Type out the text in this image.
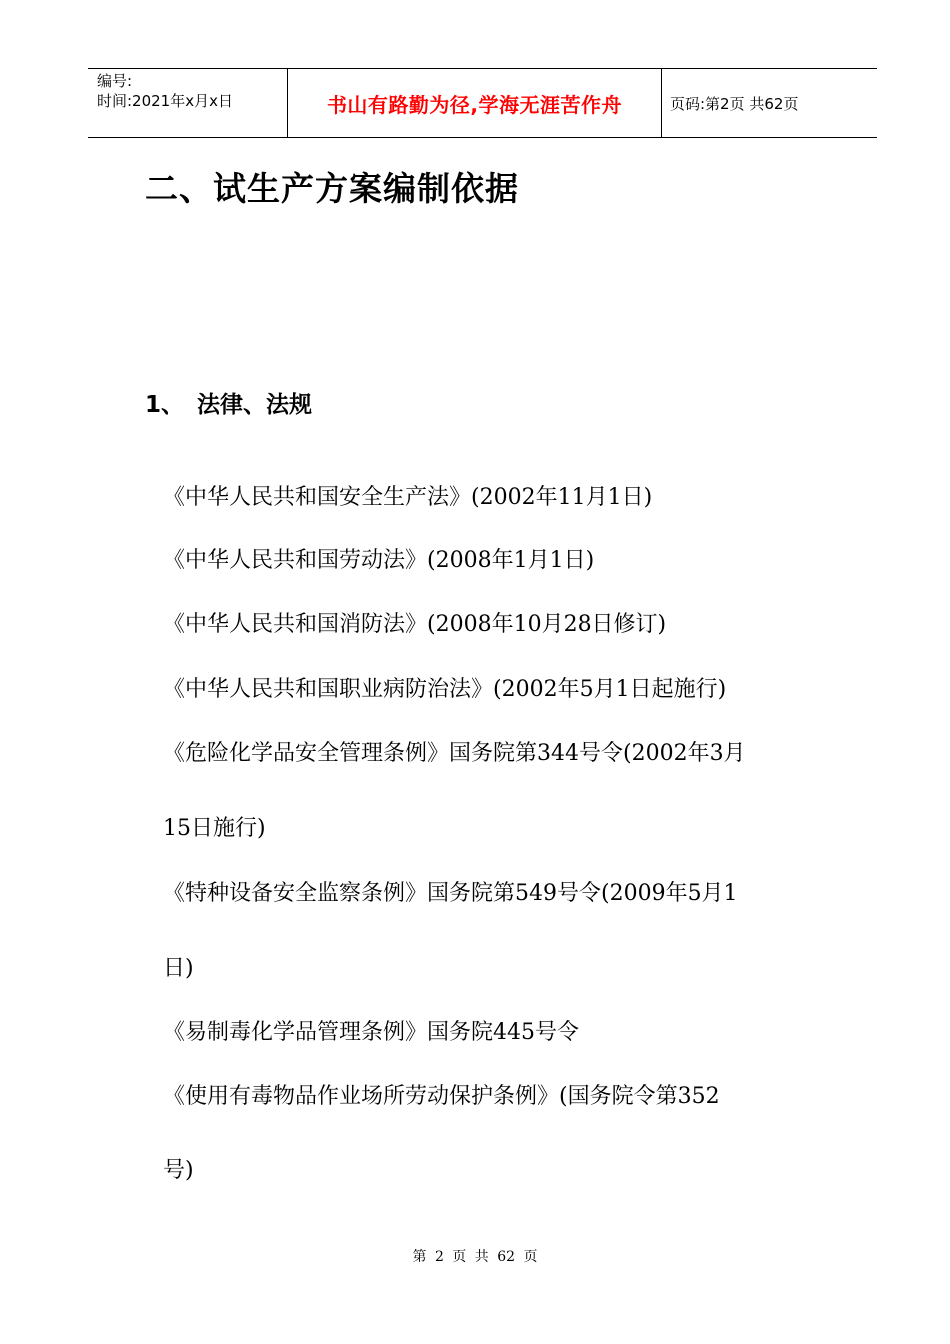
编号:
时间:2021年x月x日	书山有路勤为径,学海无涯苦作舟	页码:第2页 共62页
二、试生产方案编制依据
1、 法律、法规
《中华人民共和国安全生产法》(2002年11月1日)
《中华人民共和国劳动法》(2008年1月1日)
《中华人民共和国消防法》(2008年10月28日修订)
《中华人民共和国职业病防治法》(2002年5月1日起施行)
《危险化学品安全管理条例》国务院第344号令(2002年3月
15日施行)
《特种设备安全监察条例》国务院第549号令(2009年5月1
日)
《易制毒化学品管理条例》国务院445号令
《使用有毒物品作业场所劳动保护条例》(国务院令第352
号)
第 2 页 共 62 页
